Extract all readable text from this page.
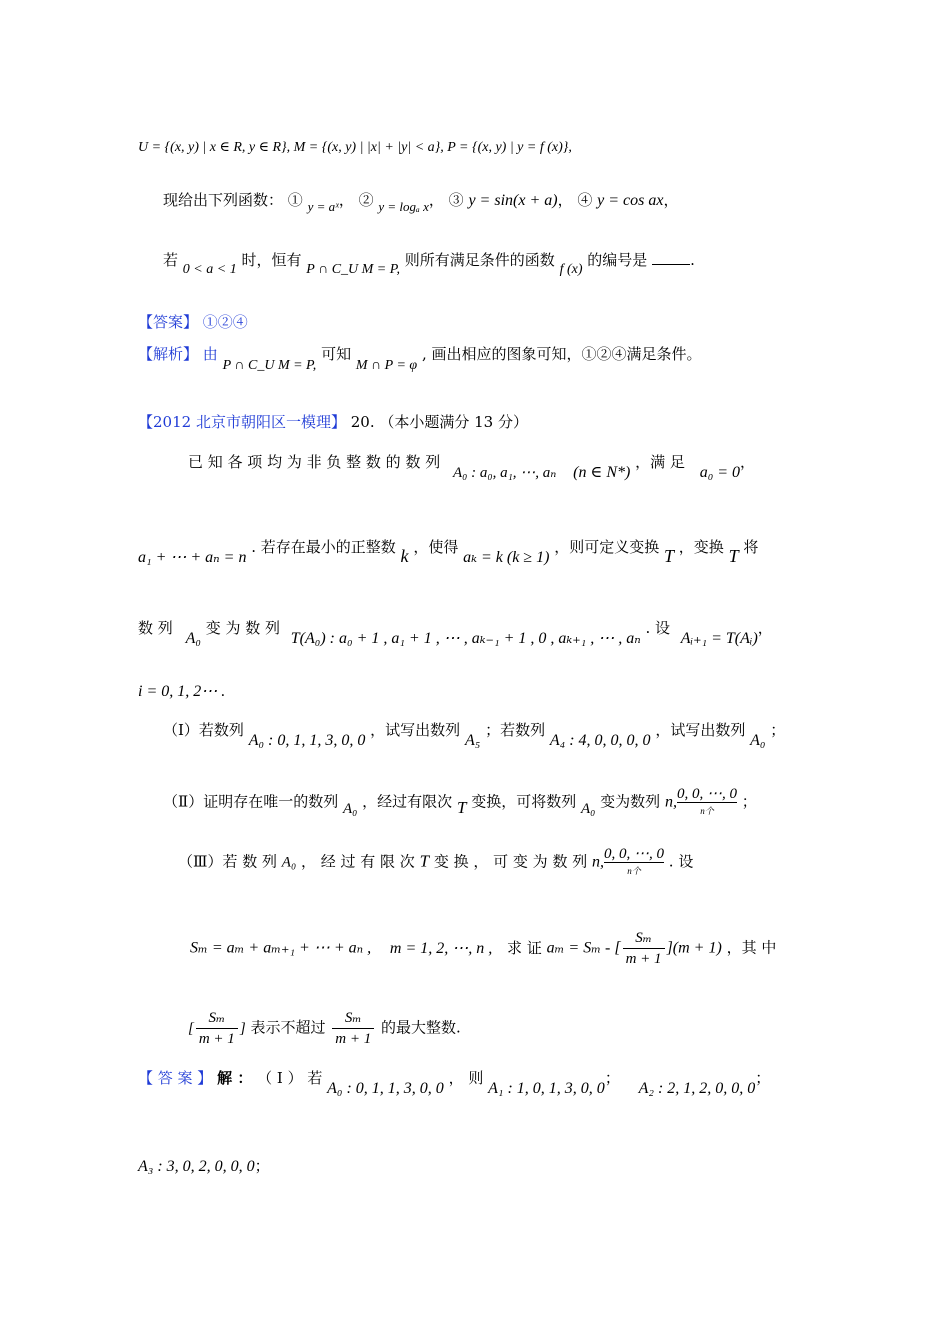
U = {(x, y) | x ∈ R, y ∈ R}, M = {(x, y) | |x| + |y| < a}, P = {(x, y) | y = f (x)},
现给出下列函数： ① y = aˣ， ② y = logₐ x， ③ y = sin(x + a)， ④ y = cos ax，
若 0 < a < 1 时，恒有 P ∩ C_U M = P, 则所有满足条件的函数 f (x) 的编号是	.
【答案】 ①②④
【解析】 由 P ∩ C_U M = P, 可知 M ∩ P = φ , 画出相应的图象可知，①②④满足条件。
【2012 北京市朝阳区一模理】 20. （本小题满分 13 分）
已 知 各 项 均 为 非 负 整 数 的 数 列 A₀ : a₀, a₁, ⋯, aₙ (n ∈ N*) ，满 足 a₀ = 0，
a₁ + ⋯ + aₙ = n . 若存在最小的正整数 k ，使得 aₖ = k (k ≥ 1) ，则可定义变换 T ，变换 T 将
数 列 A₀ 变 为 数 列 T(A₀) : a₀ + 1 , a₁ + 1 , ⋯ , aₖ₋₁ + 1 , 0 , aₖ₊₁ , ⋯ , aₙ . 设 Aᵢ₊₁ = T(Aᵢ)，
i = 0, 1, 2⋯ .
（Ⅰ）若数列 A₀ : 0, 1, 1, 3, 0, 0 ，试写出数列 A₅ ；若数列 A₄ : 4, 0, 0, 0, 0 ，试写出数列 A₀ ；
（Ⅱ）证明存在唯一的数列 A₀ ，经过有限次 T 变换，可将数列 A₀ 变为数列 n, 0, 0, ⋯, 0
n个
；
（Ⅲ）若 数 列 A₀ ， 经 过 有 限 次 T 变 换 ， 可 变 为 数 列 n, 0, 0, ⋯, 0
n个
. 设
Sₘ = aₘ + aₘ₊₁ + ⋯ + aₙ , m = 1, 2, ⋯, n , 求 证 aₘ = Sₘ - [ $\frac{\text{Sₘ}}{m + 1} ](m + 1)$ ，其 中
[ $\frac{\text{Sₘ}}{m + 1}$ ] 表示不超过 $\frac{\text{Sₘ}}{m + 1}$ 的最大整数.
【 答 案 】 解 ： （ Ⅰ ） 若 A₀ : 0, 1, 1, 3, 0, 0 ， 则 A₁ : 1, 0, 1, 3, 0, 0； A₂ : 2, 1, 2, 0, 0, 0；
A₃ : 3, 0, 2, 0, 0, 0；
